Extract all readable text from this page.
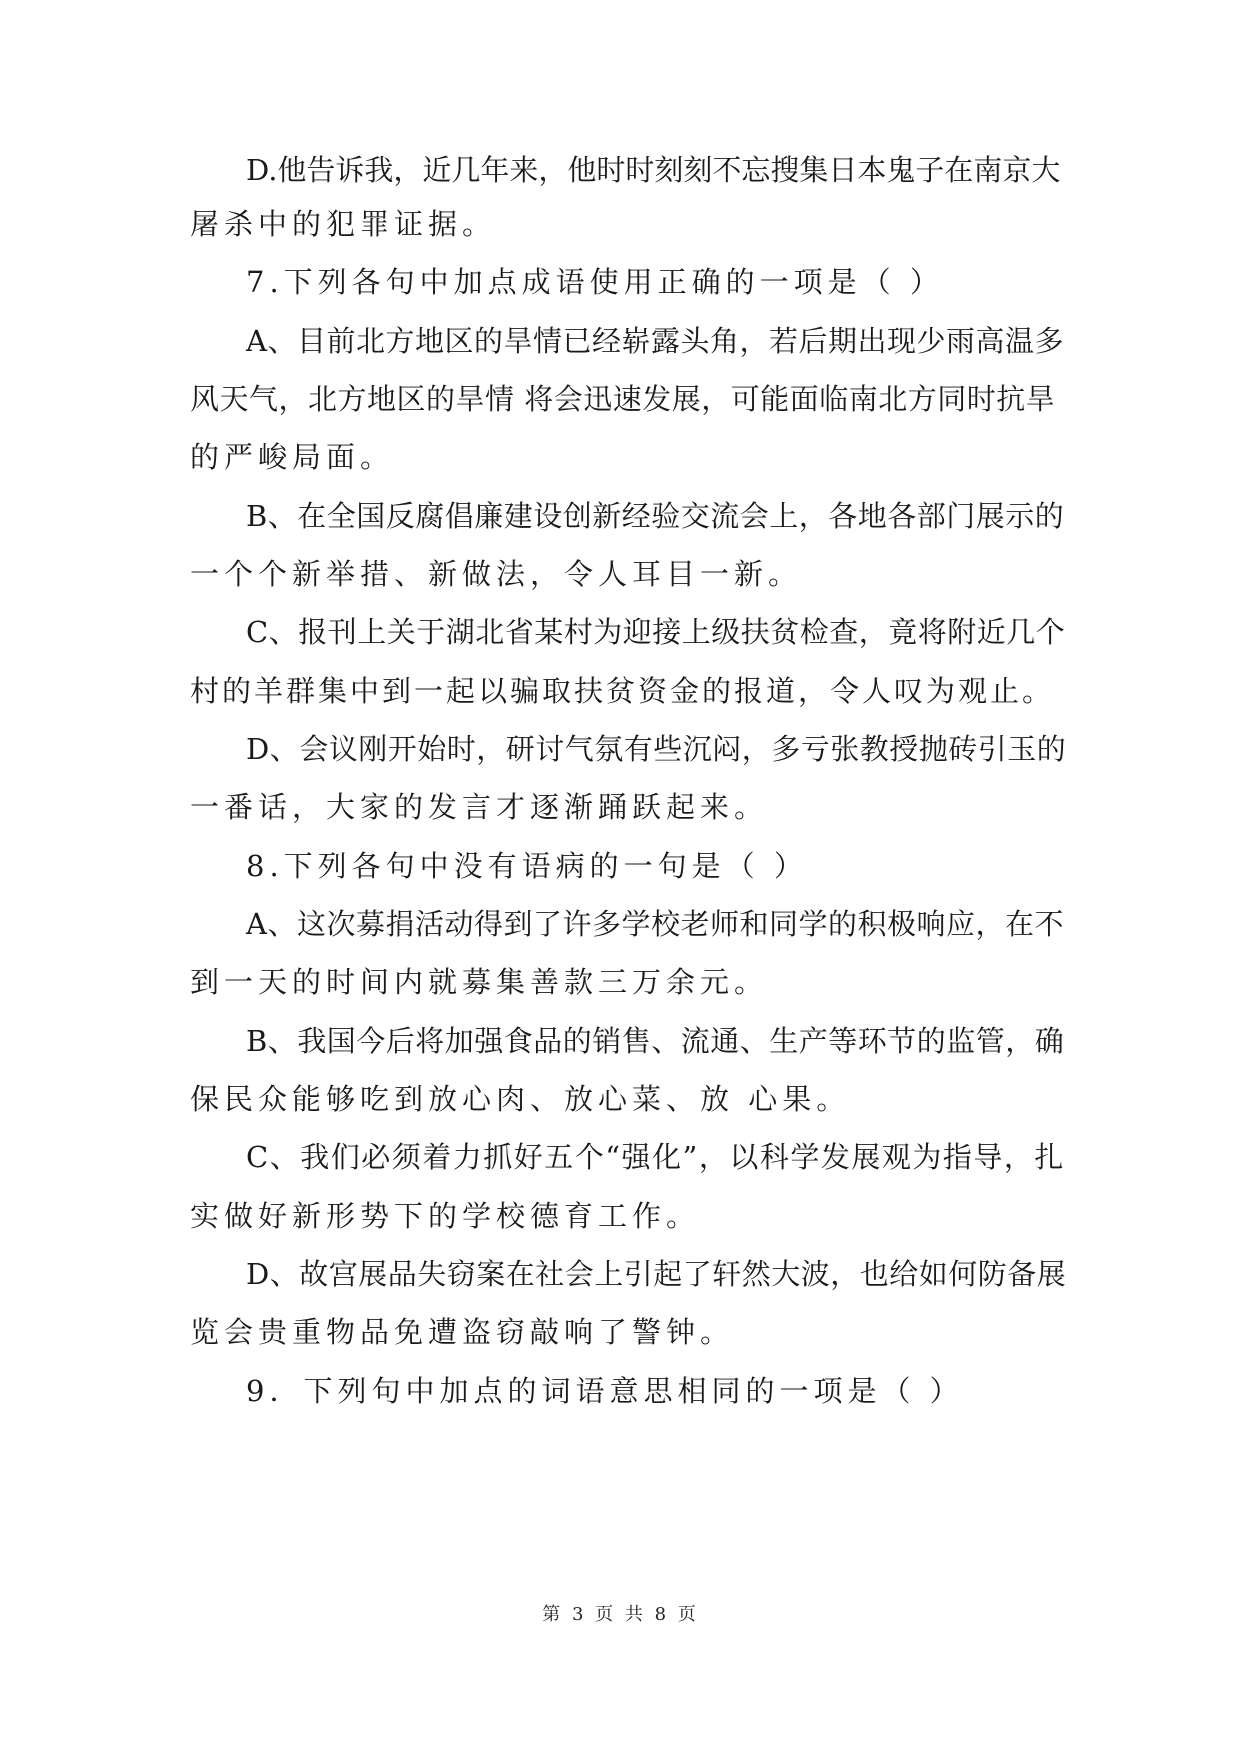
D.他告诉我，近几年来，他时时刻刻不忘搜集日本鬼子在南京大
屠杀中的犯罪证据。
7.下列各句中加点成语使用正确的一项是（ ）
A、目前北方地区的旱情已经崭露头角，若后期出现少雨高温多
风天气，北方地区的旱情 将会迅速发展，可能面临南北方同时抗旱
的严峻局面。
B、在全国反腐倡廉建设创新经验交流会上，各地各部门展示的
一个个新举措、新做法，令人耳目一新。
C、报刊上关于湖北省某村为迎接上级扶贫检查，竟将附近几个
村的羊群集中到一起以骗取扶贫资金的报道，令人叹为观止。
D、会议刚开始时，研讨气氛有些沉闷，多亏张教授抛砖引玉的
一番话，大家的发言才逐渐踊跃起来。
8.下列各句中没有语病的一句是（ ）
A、这次募捐活动得到了许多学校老师和同学的积极响应，在不
到一天的时间内就募集善款三万余元。
B、我国今后将加强食品的销售、流通、生产等环节的监管，确
保民众能够吃到放心肉、放心菜、放 心果。
C、我们必须着力抓好五个“强化”，以科学发展观为指导，扎
实做好新形势下的学校德育工作。
D、故宫展品失窃案在社会上引起了轩然大波，也给如何防备展
览会贵重物品免遭盗窃敲响了警钟。
9．下列句中加点的词语意思相同的一项是（ ）
第 3 页 共 8 页
